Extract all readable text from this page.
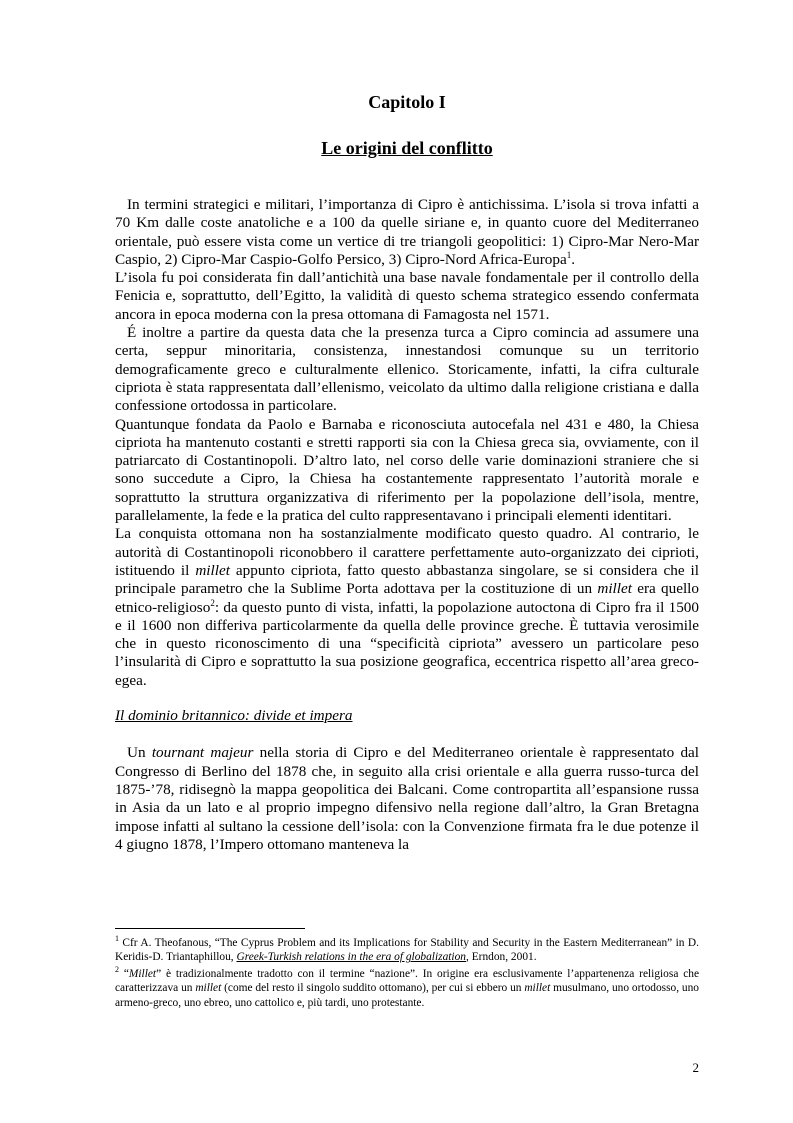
Capitolo I
Le origini del conflitto

In termini strategici e militari, l’importanza di Cipro è antichissima. L’isola si trova infatti a 70 Km dalle coste anatoliche e a 100 da quelle siriane e, in quanto cuore del Mediterraneo orientale, può essere vista come un vertice di tre triangoli geopolitici: 1) Cipro-Mar Nero-Mar Caspio, 2) Cipro-Mar Caspio-Golfo Persico, 3) Cipro-Nord Africa-Europa$^1$.

L’isola fu poi considerata fin dall’antichità una base navale fondamentale per il controllo della Fenicia e, soprattutto, dell’Egitto, la validità di questo schema strategico essendo confermata ancora in epoca moderna con la presa ottomana di Famagosta nel 1571.

É inoltre a partire da questa data che la presenza turca a Cipro comincia ad assumere una certa, seppur minoritaria, consistenza, innestandosi comunque su un territorio demograficamente greco e culturalmente ellenico. Storicamente, infatti, la cifra culturale cipriota è stata rappresentata dall’ellenismo, veicolato da ultimo dalla religione cristiana e dalla confessione ortodossa in particolare.

Quantunque fondata da Paolo e Barnaba e riconosciuta autocefala nel 431 e 480, la Chiesa cipriota ha mantenuto costanti e stretti rapporti sia con la Chiesa greca sia, ovviamente, con il patriarcato di Costantinopoli. D’altro lato, nel corso delle varie dominazioni straniere che si sono succedute a Cipro, la Chiesa ha costantemente rappresentato l’autorità morale e soprattutto la struttura organizzativa di riferimento per la popolazione dell’isola, mentre, parallelamente, la fede e la pratica del culto rappresentavano i principali elementi identitari.

La conquista ottomana non ha sostanzialmente modificato questo quadro. Al contrario, le autorità di Costantinopoli riconobbero il carattere perfettamente auto-organizzato dei ciprioti, istituendo il millet appunto cipriota, fatto questo abbastanza singolare, se si considera che il principale parametro che la Sublime Porta adottava per la costituzione di un millet era quello etnico-religioso$^2$: da questo punto di vista, infatti, la popolazione autoctona di Cipro fra il 1500 e il 1600 non differiva particolarmente da quella delle province greche. È tuttavia verosimile che in questo riconoscimento di una “specificità cipriota” avessero un particolare peso l’insularità di Cipro e soprattutto la sua posizione geografica, eccentrica rispetto all’area greco-egea.

Il dominio britannico: divide et impera

Un tournant majeur nella storia di Cipro e del Mediterraneo orientale è rappresentato dal Congresso di Berlino del 1878 che, in seguito alla crisi orientale e alla guerra russo-turca del 1875-’78, ridisegnò la mappa geopolitica dei Balcani. Come contropartita all’espansione russa in Asia da un lato e al proprio impegno difensivo nella regione dall’altro, la Gran Bretagna impose infatti al sultano la cessione dell’isola: con la Convenzione firmata fra le due potenze il 4 giugno 1878, l’Impero ottomano manteneva la

$^1$ Cfr A. Theofanous, “The Cyprus Problem and its Implications for Stability and Security in the Eastern Mediterranean” in D. Keridis-D. Triantaphillou, Greek-Turkish relations in the era of globalization, Erndon, 2001.

$^2$ “Millet” è tradizionalmente tradotto con il termine “nazione”. In origine era esclusivamente l’appartenenza religiosa che caratterizzava un millet (come del resto il singolo suddito ottomano), per cui si ebbero un millet musulmano, uno ortodosso, uno armeno-greco, uno ebreo, uno cattolico e, più tardi, uno protestante.

2
